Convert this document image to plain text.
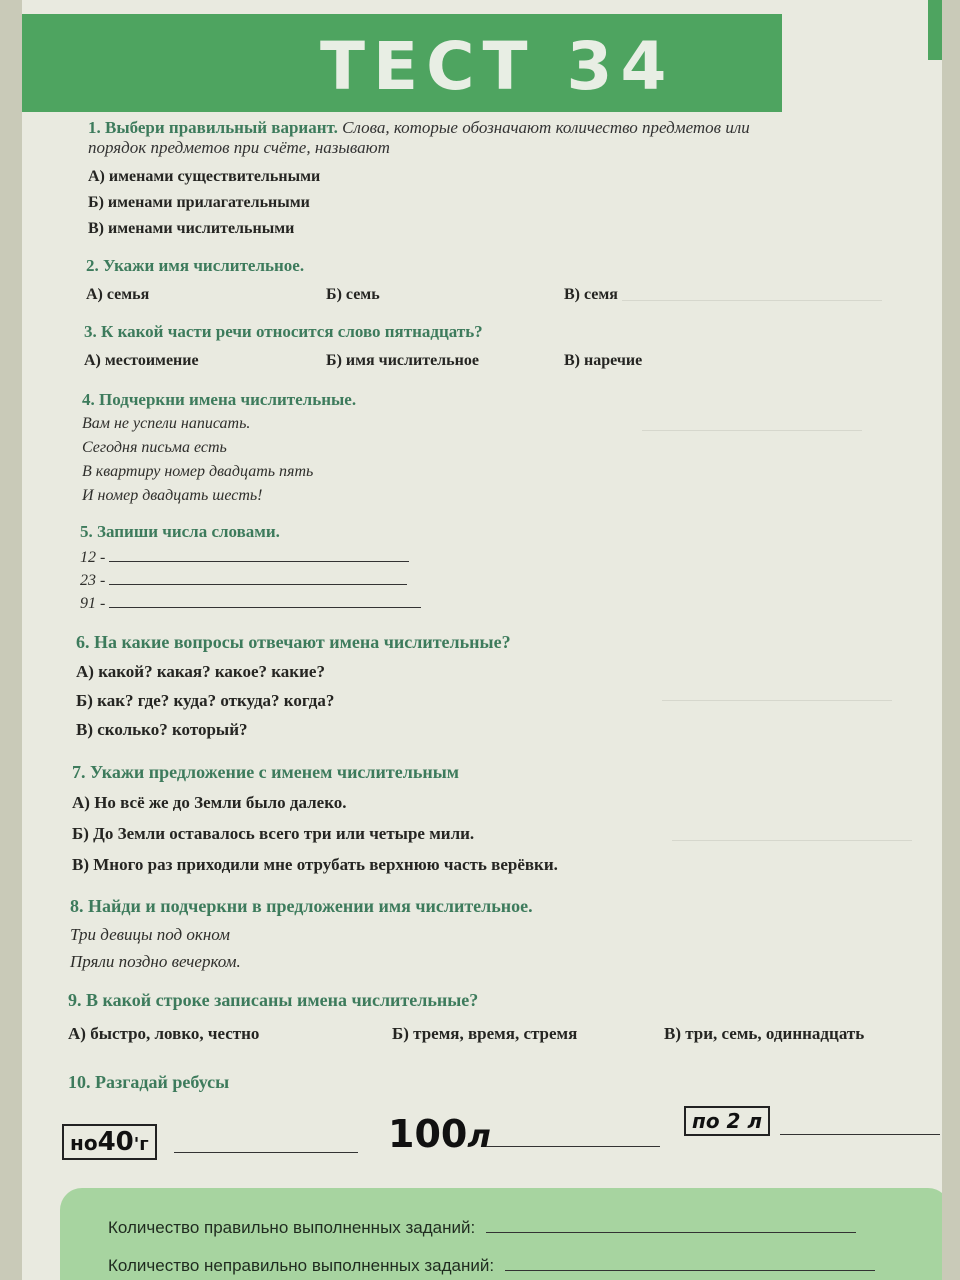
ТЕСТ 34
1. Выбери правильный вариант. Слова, которые обозначают количество предметов или
порядок предметов при счёте, называют
А) именами существительными
Б) именами прилагательными
В) именами числительными
2. Укажи имя числительное.
А) семья	Б) семь	В) семя
3. К какой части речи относится слово пятнадцать?
А) местоимение	Б) имя числительное	В) наречие
4. Подчеркни имена числительные.
Вам не успели написать.
Сегодня письма есть
В квартиру номер двадцать пять
И номер двадцать шесть!
5. Запиши числа словами.
12 -
23 -
91 -
6. На какие вопросы отвечают имена числительные?
А) какой? какая? какое? какие?
Б) как? где? куда? откуда? когда?
В) сколько? который?
7. Укажи предложение с именем числительным
А) Но всё же до Земли было далеко.
Б) До Земли оставалось всего три или четыре мили.
В) Много раз приходили мне отрубать верхнюю часть верёвки.
8. Найди и подчеркни в предложении имя числительное.
Три девицы под окном
Пряли поздно вечерком.
9. В какой строке записаны имена числительные?
А) быстро, ловко, честно	Б) тремя, время, стремя	В) три, семь, одиннадцать
10. Разгадай ребусы
но40'г	100л	по 2 л
Количество правильно выполненных заданий:
Количество неправильно выполненных заданий:
